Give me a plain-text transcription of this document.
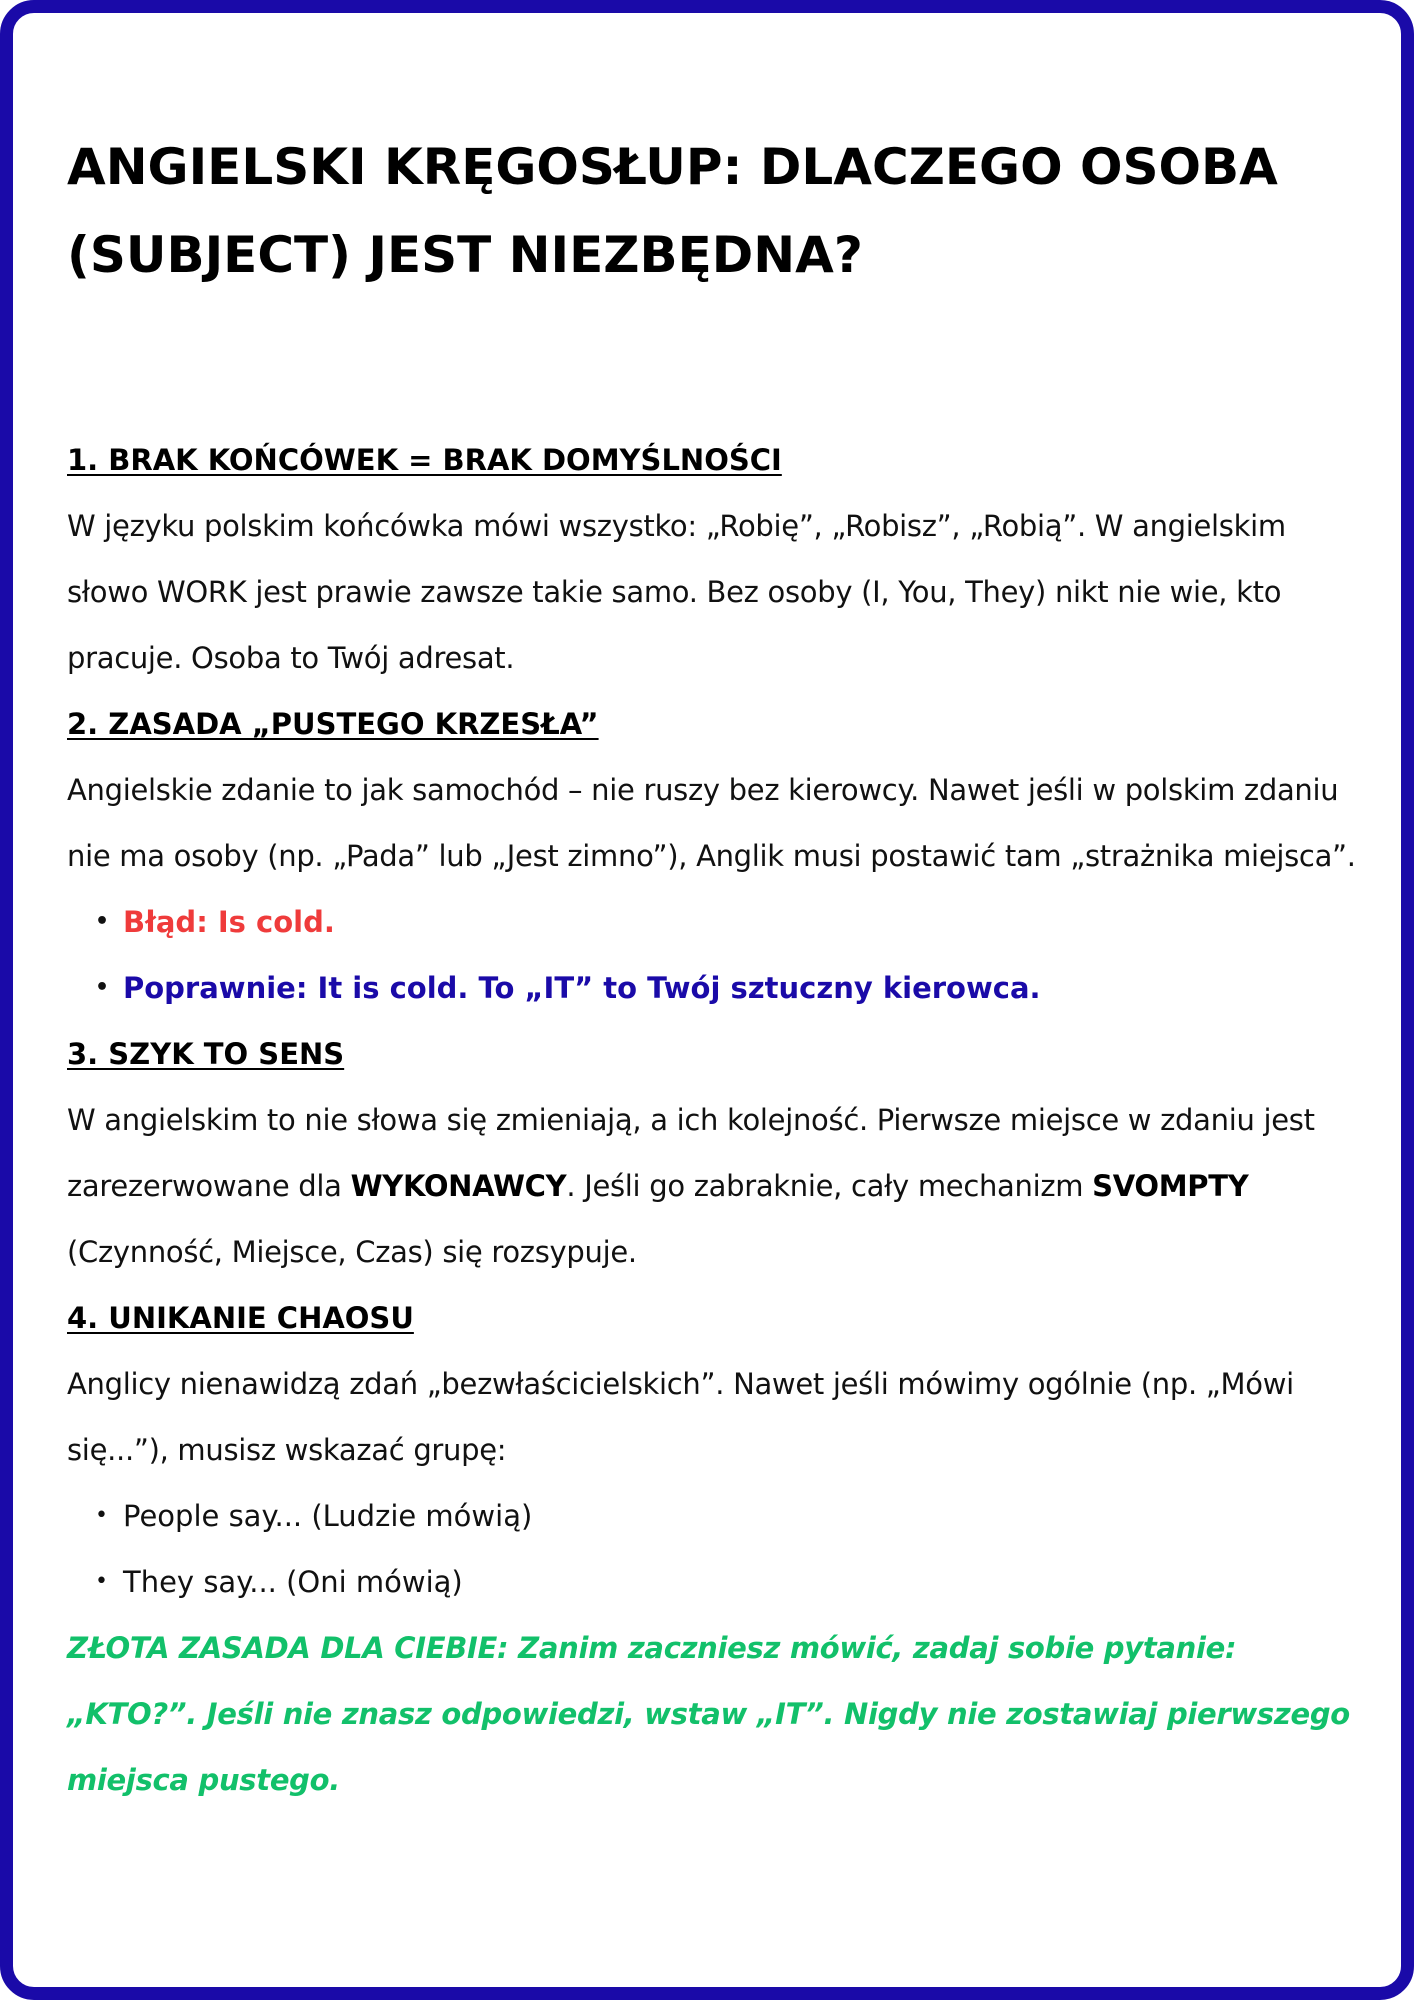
ANGIELSKI KRĘGOSŁUP: DLACZEGO OSOBA (SUBJECT) JEST NIEZBĘDNA?

1. BRAK KOŃCÓWEK = BRAK DOMYŚLNOŚCI

W języku polskim końcówka mówi wszystko: „Robię”, „Robisz”, „Robią”. W angielskim słowo WORK jest prawie zawsze takie samo. Bez osoby (I, You, They) nikt nie wie, kto pracuje. Osoba to Twój adresat.

2. ZASADA „PUSTEGO KRZESŁA”

Angielskie zdanie to jak samochód – nie ruszy bez kierowcy. Nawet jeśli w polskim zdaniu nie ma osoby (np. „Pada” lub „Jest zimno”), Anglik musi postawić tam „strażnika miejsca”.

• Błąd: Is cold.
• Poprawnie: It is cold. To „IT” to Twój sztuczny kierowca.

3. SZYK TO SENS

W angielskim to nie słowa się zmieniają, a ich kolejność. Pierwsze miejsce w zdaniu jest zarezerwowane dla WYKONAWCY. Jeśli go zabraknie, cały mechanizm SVOMPTY (Czynność, Miejsce, Czas) się rozsypuje.

4. UNIKANIE CHAOSU

Anglicy nienawidzą zdań „bezwłaścicielskich”. Nawet jeśli mówimy ogólnie (np. „Mówi się...”), musisz wskazać grupę:

• People say... (Ludzie mówią)
• They say... (Oni mówią)

ZŁOTA ZASADA DLA CIEBIE: Zanim zaczniesz mówić, zadaj sobie pytanie: „KTO?”. Jeśli nie znasz odpowiedzi, wstaw „IT”. Nigdy nie zostawiaj pierwszego miejsca pustego.
